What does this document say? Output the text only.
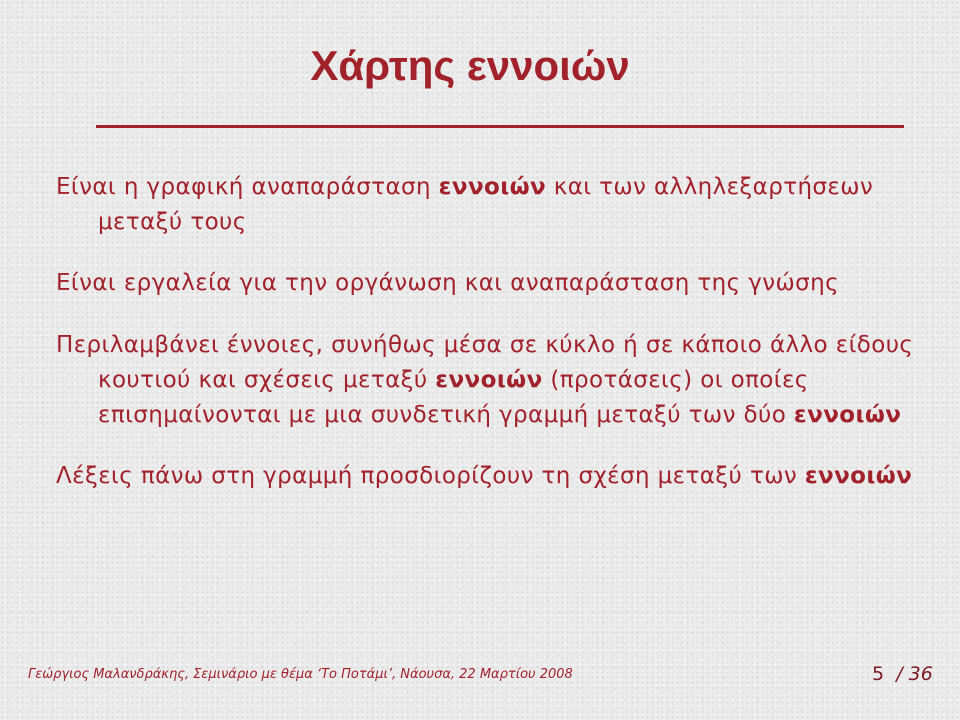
Χάρτης εννοιών
Είναι η γραφική αναπαράσταση εννοιών και των αλληλεξαρτήσεων μεταξύ τους
Είναι εργαλεία για την οργάνωση και αναπαράσταση της γνώσης
Περιλαμβάνει έννοιες, συνήθως μέσα σε κύκλο ή σε κάποιο άλλο είδους κουτιού και σχέσεις μεταξύ εννοιών (προτάσεις) οι οποίες επισημαίνονται με μια συνδετική γραμμή μεταξύ των δύο εννοιών
Λέξεις πάνω στη γραμμή προσδιορίζουν τη σχέση μεταξύ των εννοιών
Γεώργιος Μαλανδράκης, Σεμινάριο με θέμα ‘Το Ποτάμι’, Νάουσα, 22 Μαρτίου 2008	5 / 36
